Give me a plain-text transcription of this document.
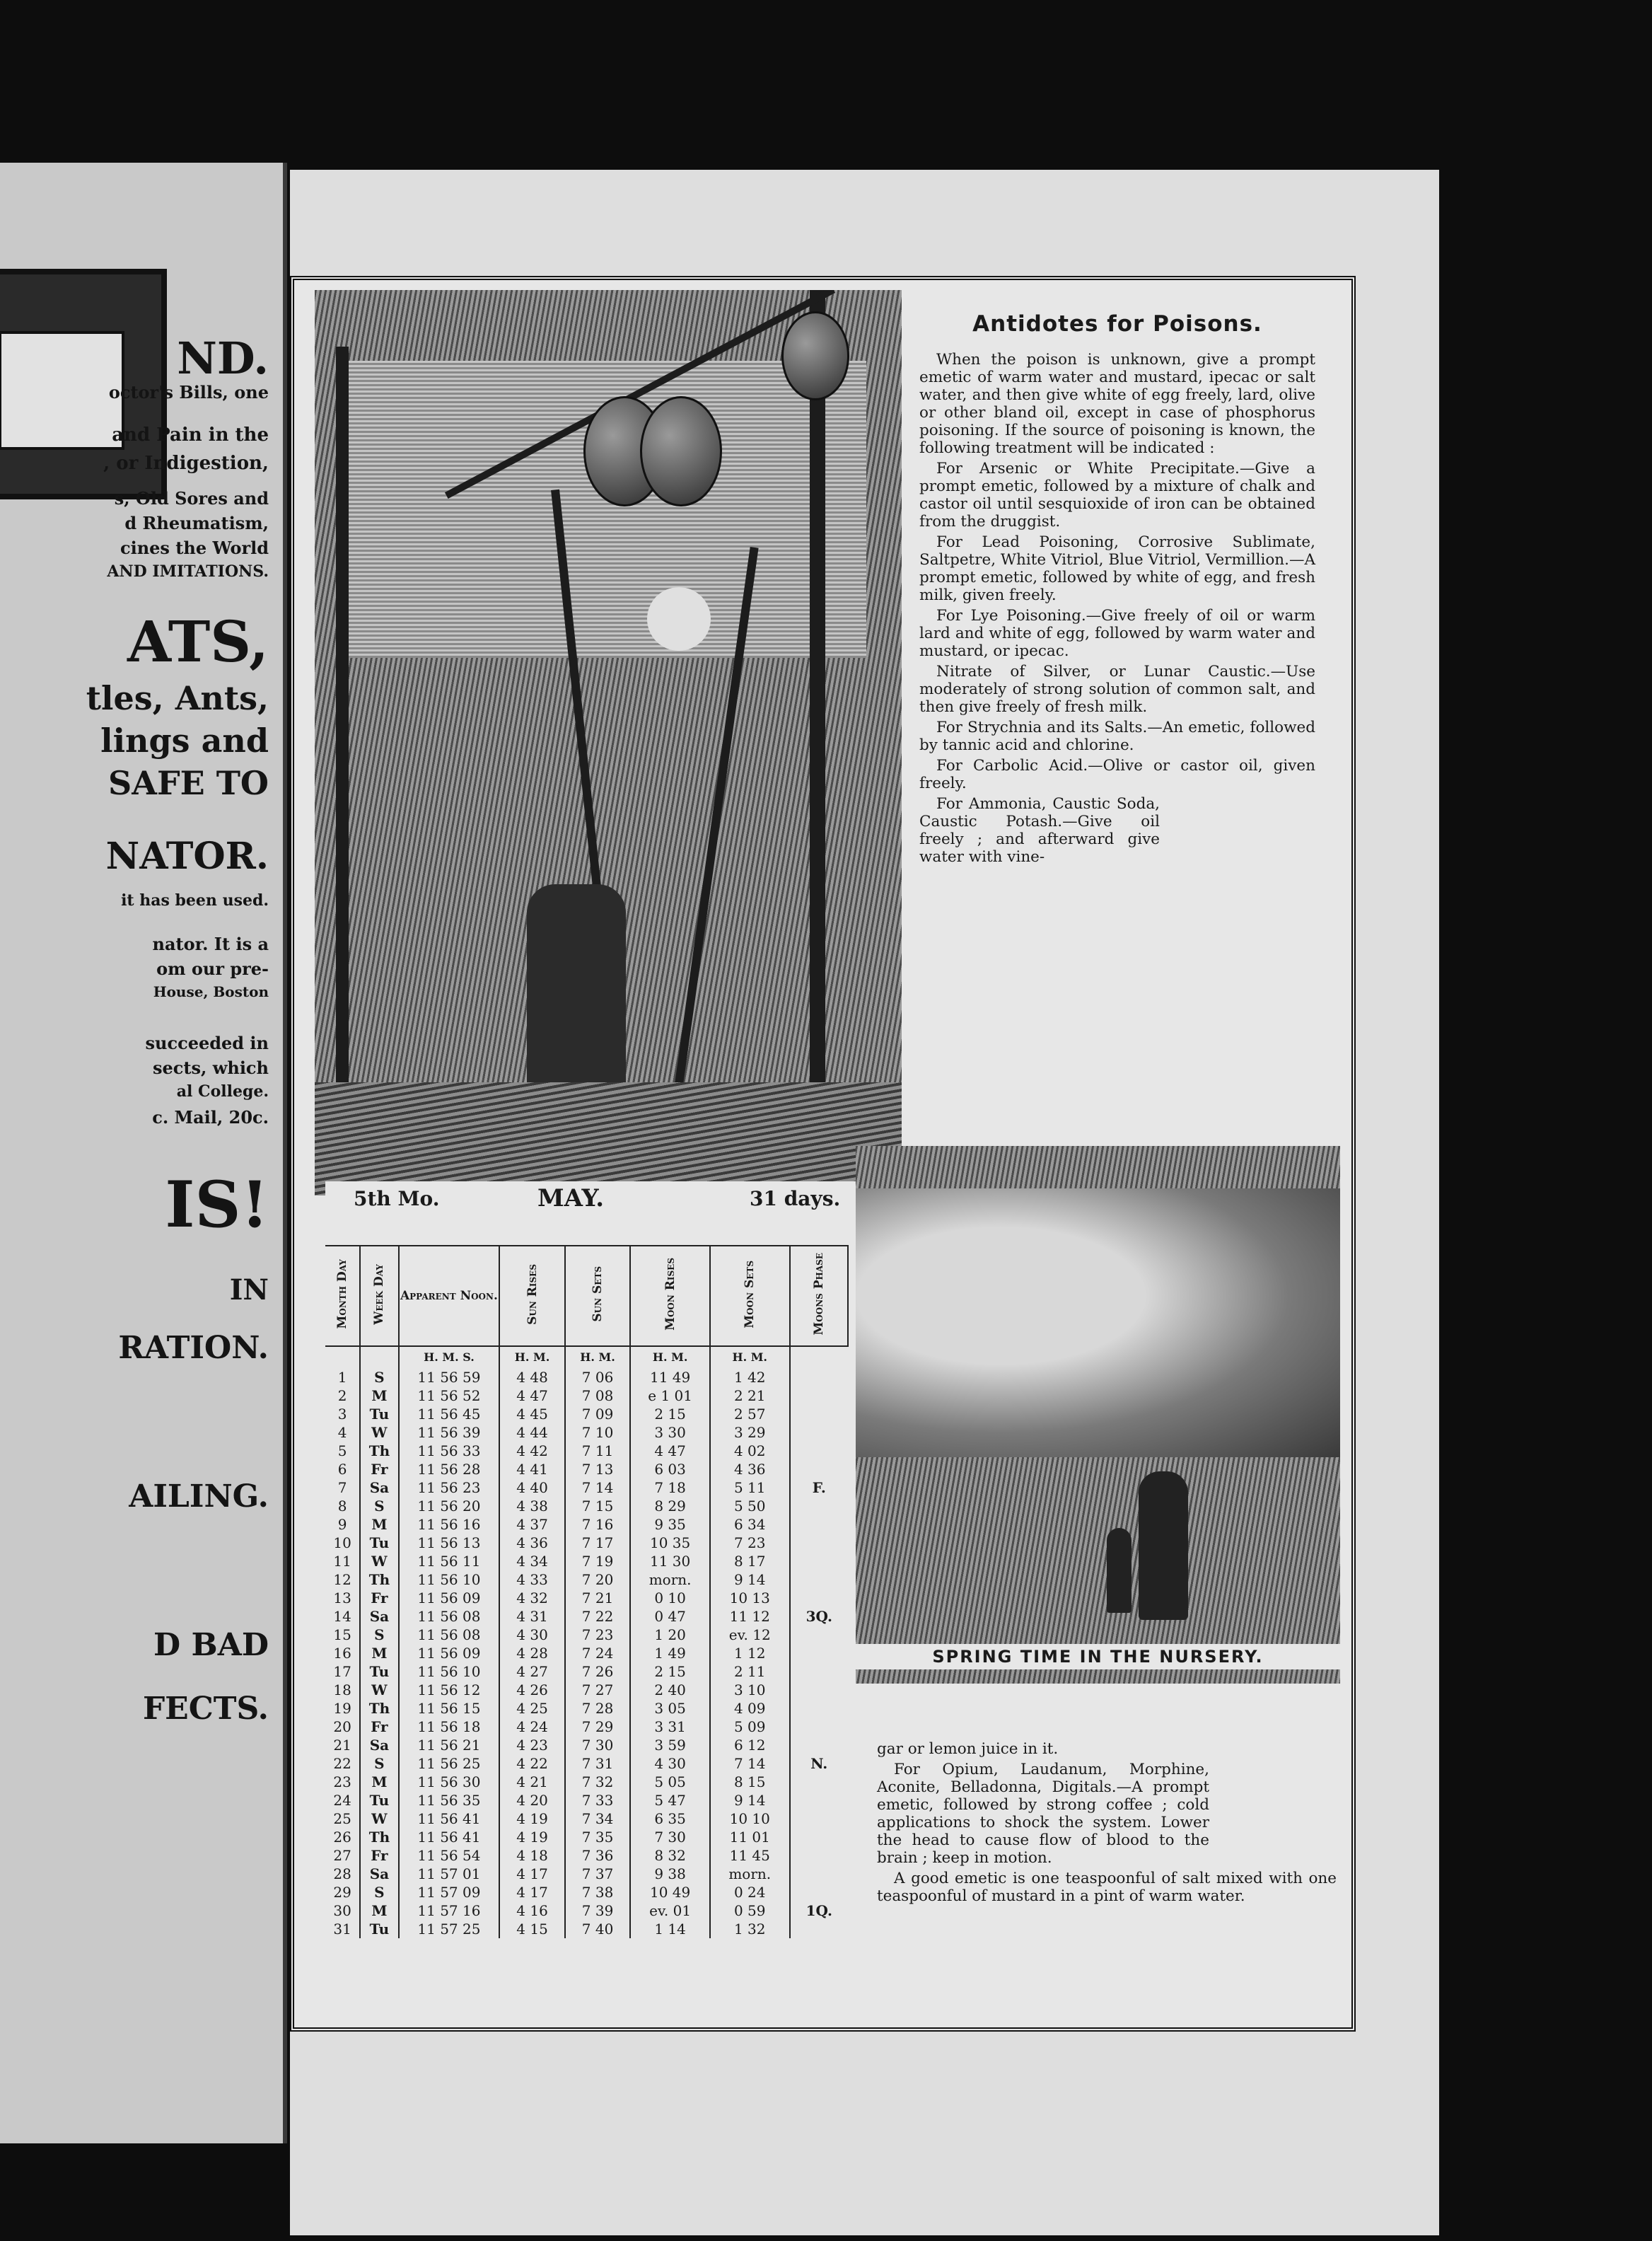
ND.
octor's Bills, one
and Pain in the
, or Indigestion,
s, Old Sores and
d Rheumatism,
cines the World
AND IMITATIONS.
ATS,
tles, Ants,
lings and
SAFE TO
NATOR.
it has been used.
nator. It is a
om our pre-
House, Boston
succeeded in
sects, which
al College.
c. Mail, 20c.
IS!
IN
RATION.
AILING.
D BAD
FECTS.
Antidotes for Poisons.

When the poison is unknown, give a prompt emetic of warm water and mustard, ipecac or salt water, and then give white of egg freely, lard, olive or other bland oil, except in case of phosphorus poisoning. If the source of poisoning is known, the following treatment will be indicated :

For Arsenic or White Precipitate.—Give a prompt emetic, followed by a mixture of chalk and castor oil until sesquioxide of iron can be obtained from the druggist.

For Lead Poisoning, Corrosive Sublimate, Saltpetre, White Vitriol, Blue Vitriol, Vermillion.—A prompt emetic, followed by white of egg, and fresh milk, given freely.

For Lye Poisoning.—Give freely of oil or warm lard and white of egg, followed by warm water and mustard, or ipecac.

Nitrate of Silver, or Lunar Caustic.—Use moderately of strong solution of common salt, and then give freely of fresh milk.

For Strychnia and its Salts.—An emetic, followed by tannic acid and chlorine.

For Carbolic Acid.—Olive or castor oil, given freely.

For Ammonia, Caustic Soda, Caustic Potash.—Give oil freely ; and afterward give water with vine-

SPRING TIME IN THE NURSERY.

gar or lemon juice in it.

For Opium, Laudanum, Morphine, Aconite, Belladonna, Digitals.—A prompt emetic, followed by strong coffee ; cold applications to shock the system. Lower the head to cause flow of blood to the brain ; keep in motion.

A good emetic is one teaspoonful of salt mixed with one teaspoonful of mustard in a pint of warm water.

5th Mo.	MAY.	31 days.
Month Day	Week Day	Apparent Noon.	Sun Rises	Sun Sets	Moon Rises	Moon Sets	Moons Phase
		H. M. S.	H. M.	H. M.	H. M.	H. M.	
1	S	11 56 59	4 48	7 06	11 49	1 42	
2	M	11 56 52	4 47	7 08	e 1 01	2 21	
3	Tu	11 56 45	4 45	7 09	2 15	2 57	
4	W	11 56 39	4 44	7 10	3 30	3 29	
5	Th	11 56 33	4 42	7 11	4 47	4 02	
6	Fr	11 56 28	4 41	7 13	6 03	4 36	
7	Sa	11 56 23	4 40	7 14	7 18	5 11	F.
8	S	11 56 20	4 38	7 15	8 29	5 50	
9	M	11 56 16	4 37	7 16	9 35	6 34	
10	Tu	11 56 13	4 36	7 17	10 35	7 23	
11	W	11 56 11	4 34	7 19	11 30	8 17	
12	Th	11 56 10	4 33	7 20	morn.	9 14	
13	Fr	11 56 09	4 32	7 21	0 10	10 13	
14	Sa	11 56 08	4 31	7 22	0 47	11 12	3Q.
15	S	11 56 08	4 30	7 23	1 20	ev. 12	
16	M	11 56 09	4 28	7 24	1 49	1 12	
17	Tu	11 56 10	4 27	7 26	2 15	2 11	
18	W	11 56 12	4 26	7 27	2 40	3 10	
19	Th	11 56 15	4 25	7 28	3 05	4 09	
20	Fr	11 56 18	4 24	7 29	3 31	5 09	
21	Sa	11 56 21	4 23	7 30	3 59	6 12	
22	S	11 56 25	4 22	7 31	4 30	7 14	N.
23	M	11 56 30	4 21	7 32	5 05	8 15	
24	Tu	11 56 35	4 20	7 33	5 47	9 14	
25	W	11 56 41	4 19	7 34	6 35	10 10	
26	Th	11 56 41	4 19	7 35	7 30	11 01	
27	Fr	11 56 54	4 18	7 36	8 32	11 45	
28	Sa	11 57 01	4 17	7 37	9 38	morn.	
29	S	11 57 09	4 17	7 38	10 49	0 24	
30	M	11 57 16	4 16	7 39	ev. 01	0 59	1Q.
31	Tu	11 57 25	4 15	7 40	1 14	1 32	
